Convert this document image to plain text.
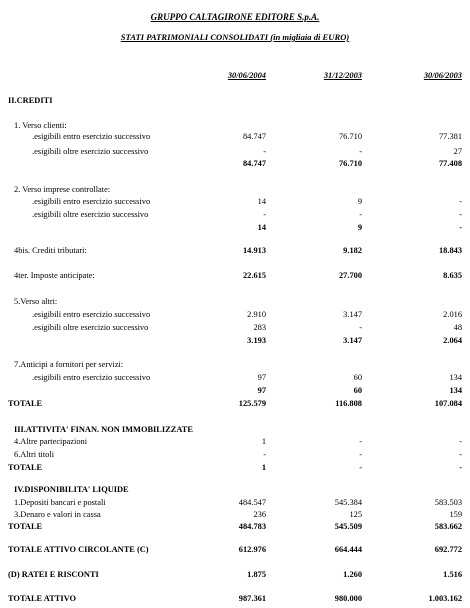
GRUPPO CALTAGIRONE EDITORE S.p.A.
STATI PATRIMONIALI CONSOLIDATI (in migliaia di EURO)
30/06/2004	31/12/2003	30/06/2003
II.CREDITI
1. Verso clienti:
.esigibili entro esercizio successivo	84.747	76.710	77.381
.esigibili oltre esercizio successivo	-	-	27
84.747	76.710	77.408
2. Verso imprese controllate:
.esigibili entro esercizio successivo	14	9	-
.esigibili oltre esercizio successivo	-	-	-
14	9	-
4bis. Crediti tributari:	14.913	9.182	18.843
4ter. Imposte anticipate:	22.615	27.700	8.635
5.Verso altri:
.esigibili entro esercizio successivo	2.910	3.147	2.016
.esigibili oltre esercizio successivo	283	-	48
3.193	3.147	2.064
7.Anticipi a fornitori per servizi:
.esigibili entro esercizio successivo	97	60	134
97	60	134
TOTALE	125.579	116.808	107.084
III.ATTIVITA' FINAN. NON IMMOBILIZZATE
4.Altre partecipazioni	1	-	-
6.Altri titoli	-	-	-
TOTALE	1	-	-
IV.DISPONIBILITA' LIQUIDE
1.Depositi bancari e postali	484.547	545.384	583.503
3.Denaro e valori in cassa	236	125	159
TOTALE	484.783	545.509	583.662
TOTALE ATTIVO CIRCOLANTE (C)	612.976	664.444	692.772
(D) RATEI E RISCONTI	1.875	1.260	1.516
TOTALE ATTIVO	987.361	980.000	1.003.162
